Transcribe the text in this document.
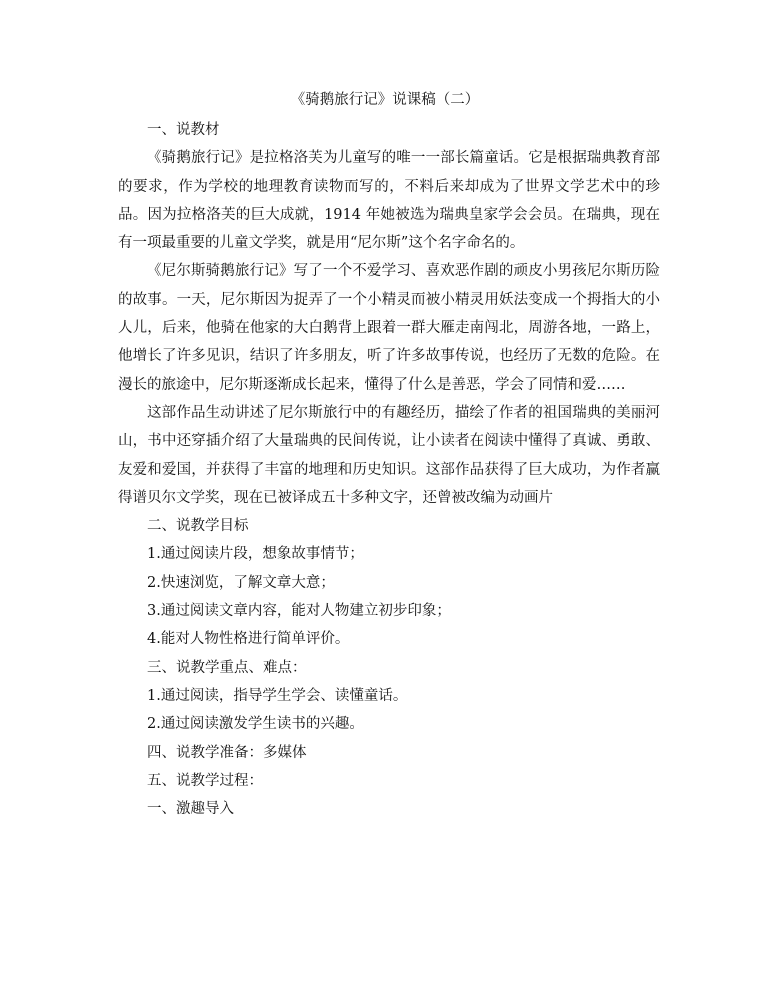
《骑鹅旅行记》说课稿（二）

一、说教材

《骑鹅旅行记》是拉格洛芙为儿童写的唯一一部长篇童话。它是根据瑞典教育部的要求，作为学校的地理教育读物而写的，不料后来却成为了世界文学艺术中的珍品。因为拉格洛芙的巨大成就，1914 年她被选为瑞典皇家学会会员。在瑞典，现在有一项最重要的儿童文学奖，就是用“尼尔斯”这个名字命名的。

《尼尔斯骑鹅旅行记》写了一个不爱学习、喜欢恶作剧的顽皮小男孩尼尔斯历险的故事。一天，尼尔斯因为捉弄了一个小精灵而被小精灵用妖法变成一个拇指大的小人儿，后来，他骑在他家的大白鹅背上跟着一群大雁走南闯北，周游各地，一路上，他增长了许多见识，结识了许多朋友，听了许多故事传说，也经历了无数的危险。在漫长的旅途中，尼尔斯逐渐成长起来，懂得了什么是善恶，学会了同情和爱……

这部作品生动讲述了尼尔斯旅行中的有趣经历，描绘了作者的祖国瑞典的美丽河山，书中还穿插介绍了大量瑞典的民间传说，让小读者在阅读中懂得了真诚、勇敢、友爱和爱国，并获得了丰富的地理和历史知识。这部作品获得了巨大成功，为作者赢得谱贝尔文学奖，现在已被译成五十多种文字，还曾被改编为动画片

二、说教学目标

1.通过阅读片段，想象故事情节；

2.快速浏览，了解文章大意；

3.通过阅读文章内容，能对人物建立初步印象；

4.能对人物性格进行简单评价。

三、说教学重点、难点：

1.通过阅读，指导学生学会、读懂童话。

2.通过阅读激发学生读书的兴趣。

四、说教学准备：多媒体

五、说教学过程：

一、激趣导入
